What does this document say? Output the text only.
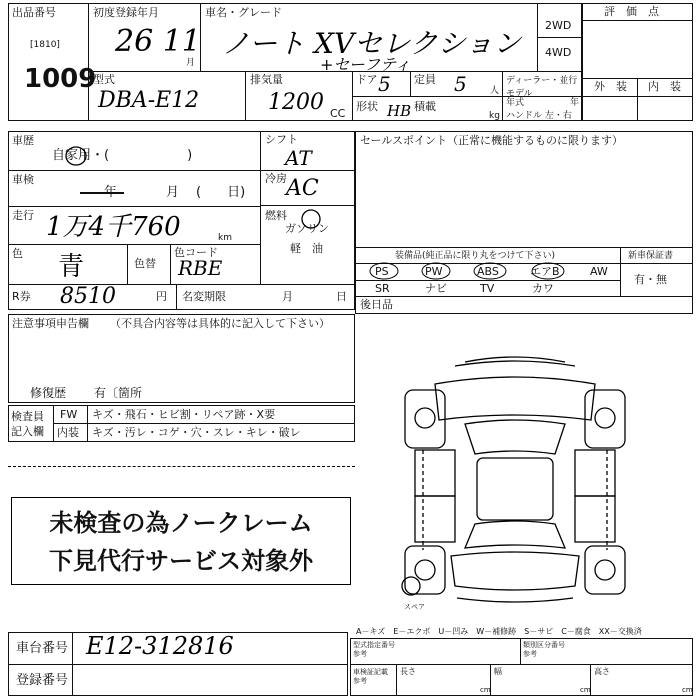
出品番号
[1810]
1009
初度登録年月
26 11
月
車名・グレード
ノート XVセレクション
+セーフティ
2WD
4WD
評　価　点
外　装 内　装
型式
DBA-E12
排気量
1200 CC
ドア 5 定員 5	人
形状 HB 積載
kg
ディーラー・並行
モデル
年式	年
ハンドル 左・右
車歴
自家用・(　　　　　　)
シフト
AT
車検
年	月 (　　日)
冷房 AC
走行 1万4千760	km
燃料
ガソリン
軽　油
色 青	色替
色コード
RBE
R券 8510	円 名変期限	月	日
セールスポイント（正常に機能するものに限ります）
装備品(純正品に限り丸をつけて下さい)	新車保証書
有・無
PS	PW	ABS	エアB	AW
SR	ナビ	TV	カワ
後日品
注意事項申告欄 （不具合内容等は具体的に記入して下さい）
修復歴 有〔箇所
検査員
記入欄
FW キズ・飛石・ヒビ割・リペア跡・X要
内装 キズ・汚レ・コゲ・穴・スレ・キレ・破レ
未検査の為ノークレーム
下見代行サービス対象外
スペア
A－キズ　E－エクボ　U－凹み　W－補修跡　S－サビ　C－腐食　XX－交換済
車台番号 E12-312816
登録番号
型式指定番号
参考
類別区分番号
参考
車検証記載
参考
長さ
cm
幅
cm
高さ
cm
